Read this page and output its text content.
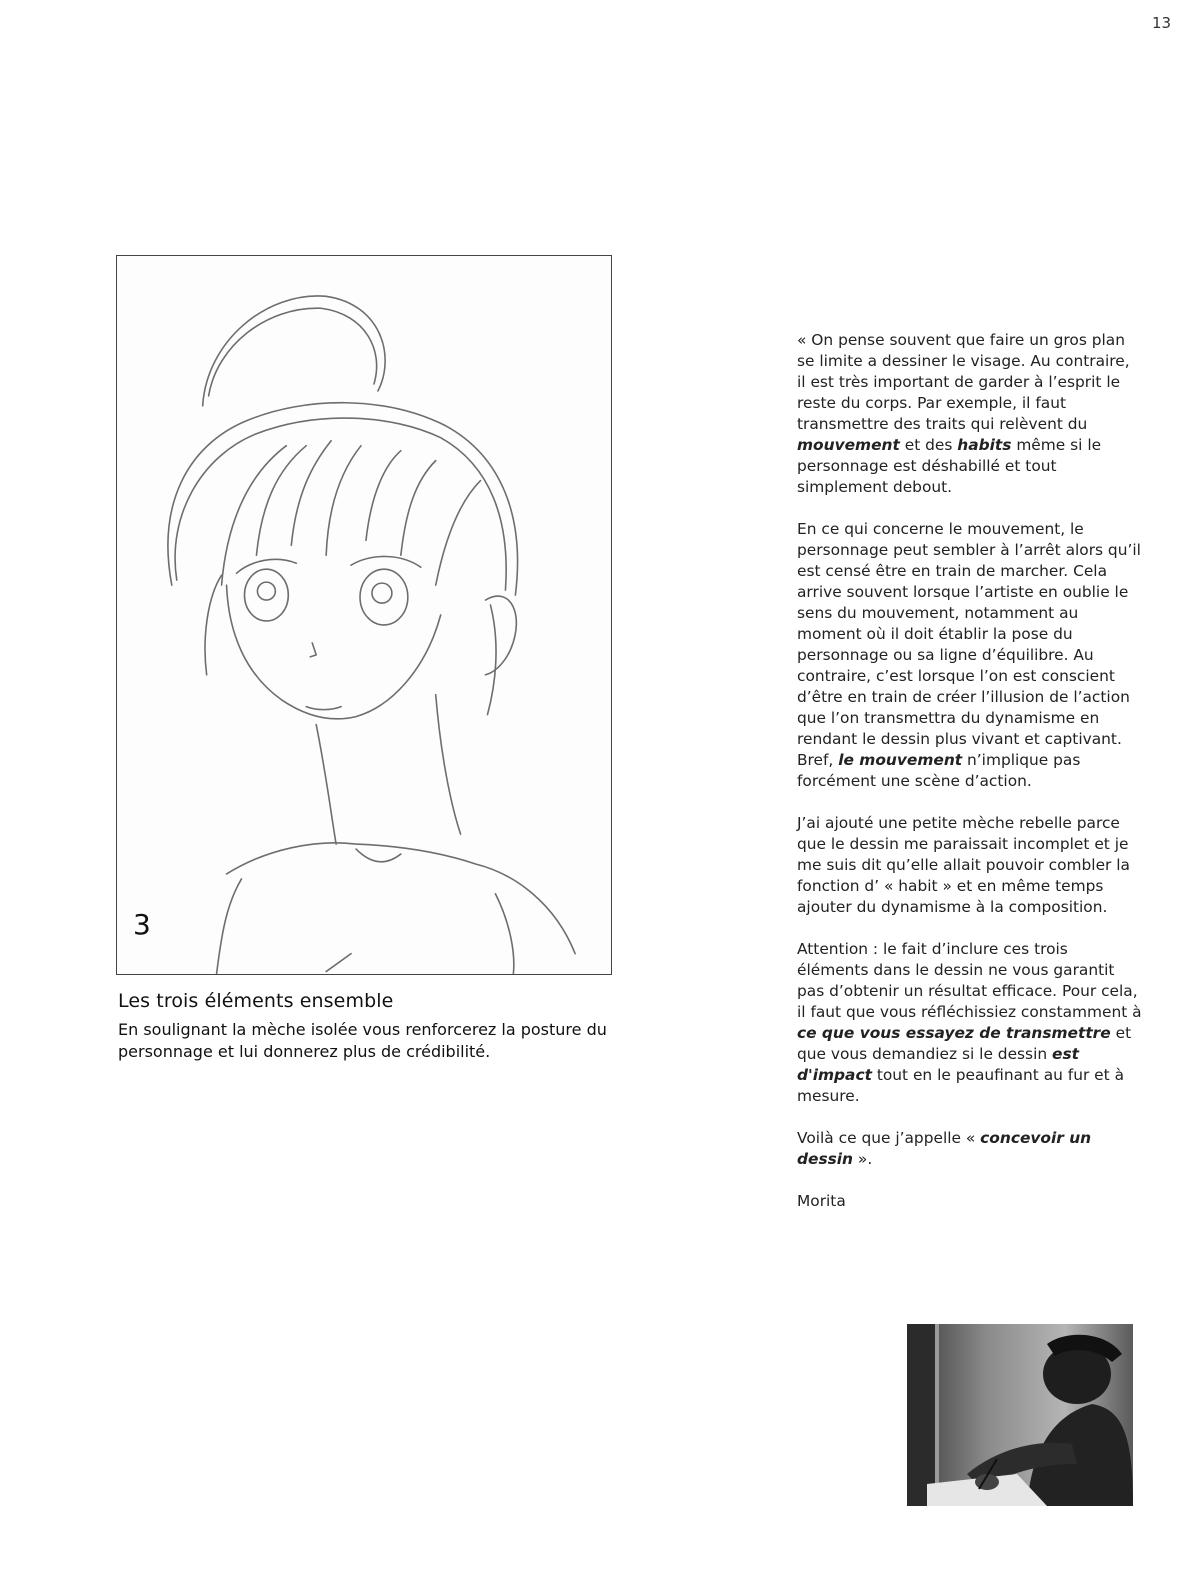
13
3
Les trois éléments ensemble
En soulignant la mèche isolée vous renforcerez la posture du personnage et lui donnerez plus de crédibilité.

« On pense souvent que faire un gros plan se limite a dessiner le visage. Au contraire, il est très important de garder à l’esprit le reste du corps. Par exemple, il faut transmettre des traits qui relèvent du mouvement et des habits même si le personnage est déshabillé et tout simplement debout.

En ce qui concerne le mouvement, le personnage peut sembler à l’arrêt alors qu’il est censé être en train de marcher. Cela arrive souvent lorsque l’artiste en oublie le sens du mouvement, notamment au moment où il doit établir la pose du personnage ou sa ligne d’équilibre. Au contraire, c’est lorsque l’on est conscient d’être en train de créer l’illusion de l’action que l’on transmettra du dynamisme en rendant le dessin plus vivant et captivant. Bref, le mouvement n’implique pas forcément une scène d’action.

J’ai ajouté une petite mèche rebelle parce que le dessin me paraissait incomplet et je me suis dit qu’elle allait pouvoir combler la fonction d’ « habit » et en même temps ajouter du dynamisme à la composition.

Attention : le fait d’inclure ces trois éléments dans le dessin ne vous garantit pas d’obtenir un résultat efficace. Pour cela, il faut que vous réfléchissiez constamment à ce que vous essayez de transmettre et que vous demandiez si le dessin est d'impact tout en le peaufinant au fur et à mesure.

Voilà ce que j’appelle « concevoir un dessin ».

Morita
